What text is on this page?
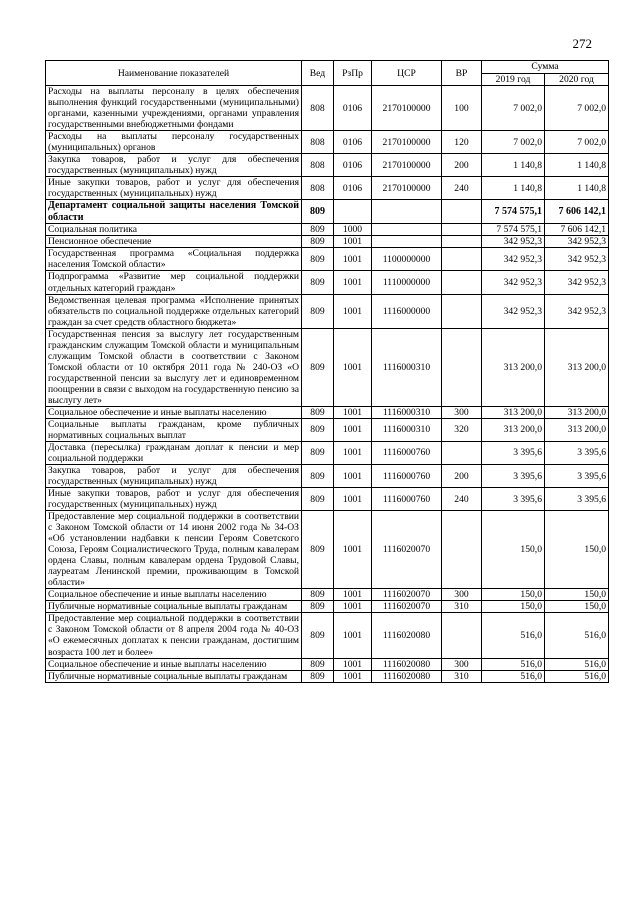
272
Наименование показателей	Вед	РзПр	ЦСР	ВР	Сумма	
					2019 год	2020 год
Расходы на выплаты персоналу в целях обеспечения выполнения функций государственными (муниципальными) органами, казенными учреждениями, органами управления государственными внебюджетными фондами	808	0106	2170100000	100	7 002,0	7 002,0
Расходы на выплаты персоналу государственных (муниципальных) органов	808	0106	2170100000	120	7 002,0	7 002,0
Закупка товаров, работ и услуг для обеспечения государственных (муниципальных) нужд	808	0106	2170100000	200	1 140,8	1 140,8
Иные закупки товаров, работ и услуг для обеспечения государственных (муниципальных) нужд	808	0106	2170100000	240	1 140,8	1 140,8
Департамент социальной защиты населения Томской области	809				7 574 575,1	7 606 142,1
Социальная политика	809	1000			7 574 575,1	7 606 142,1
Пенсионное обеспечение	809	1001			342 952,3	342 952,3
Государственная программа «Социальная поддержка населения Томской области»	809	1001	1100000000		342 952,3	342 952,3
Подпрограмма «Развитие мер социальной поддержки отдельных категорий граждан»	809	1001	1110000000		342 952,3	342 952,3
Ведомственная целевая программа «Исполнение принятых обязательств по социальной поддержке отдельных категорий граждан за счет средств областного бюджета»	809	1001	1116000000		342 952,3	342 952,3
Государственная пенсия за выслугу лет государственным гражданским служащим Томской области и муниципальным служащим Томской области в соответствии с Законом Томской области от 10 октября 2011 года № 240-ОЗ «О государственной пенсии за выслугу лет и единовременном поощрении в связи с выходом на государственную пенсию за выслугу лет»	809	1001	1116000310		313 200,0	313 200,0
Социальное обеспечение и иные выплаты населению	809	1001	1116000310	300	313 200,0	313 200,0
Социальные выплаты гражданам, кроме публичных нормативных социальных выплат	809	1001	1116000310	320	313 200,0	313 200,0
Доставка (пересылка) гражданам доплат к пенсии и мер социальной поддержки	809	1001	1116000760		3 395,6	3 395,6
Закупка товаров, работ и услуг для обеспечения государственных (муниципальных) нужд	809	1001	1116000760	200	3 395,6	3 395,6
Иные закупки товаров, работ и услуг для обеспечения государственных (муниципальных) нужд	809	1001	1116000760	240	3 395,6	3 395,6
Предоставление мер социальной поддержки в соответствии с Законом Томской области от 14 июня 2002 года № 34-ОЗ «Об установлении надбавки к пенсии Героям Советского Союза, Героям Социалистического Труда, полным кавалерам ордена Славы, полным кавалерам ордена Трудовой Славы, лауреатам Ленинской премии, проживающим в Томской области»	809	1001	1116020070		150,0	150,0
Социальное обеспечение и иные выплаты населению	809	1001	1116020070	300	150,0	150,0
Публичные нормативные социальные выплаты гражданам	809	1001	1116020070	310	150,0	150,0
Предоставление мер социальной поддержки в соответствии с Законом Томской области от 8 апреля 2004 года № 40-ОЗ «О ежемесячных доплатах к пенсии гражданам, достигшим возраста 100 лет и более»	809	1001	1116020080		516,0	516,0
Социальное обеспечение и иные выплаты населению	809	1001	1116020080	300	516,0	516,0
Публичные нормативные социальные выплаты гражданам	809	1001	1116020080	310	516,0	516,0
